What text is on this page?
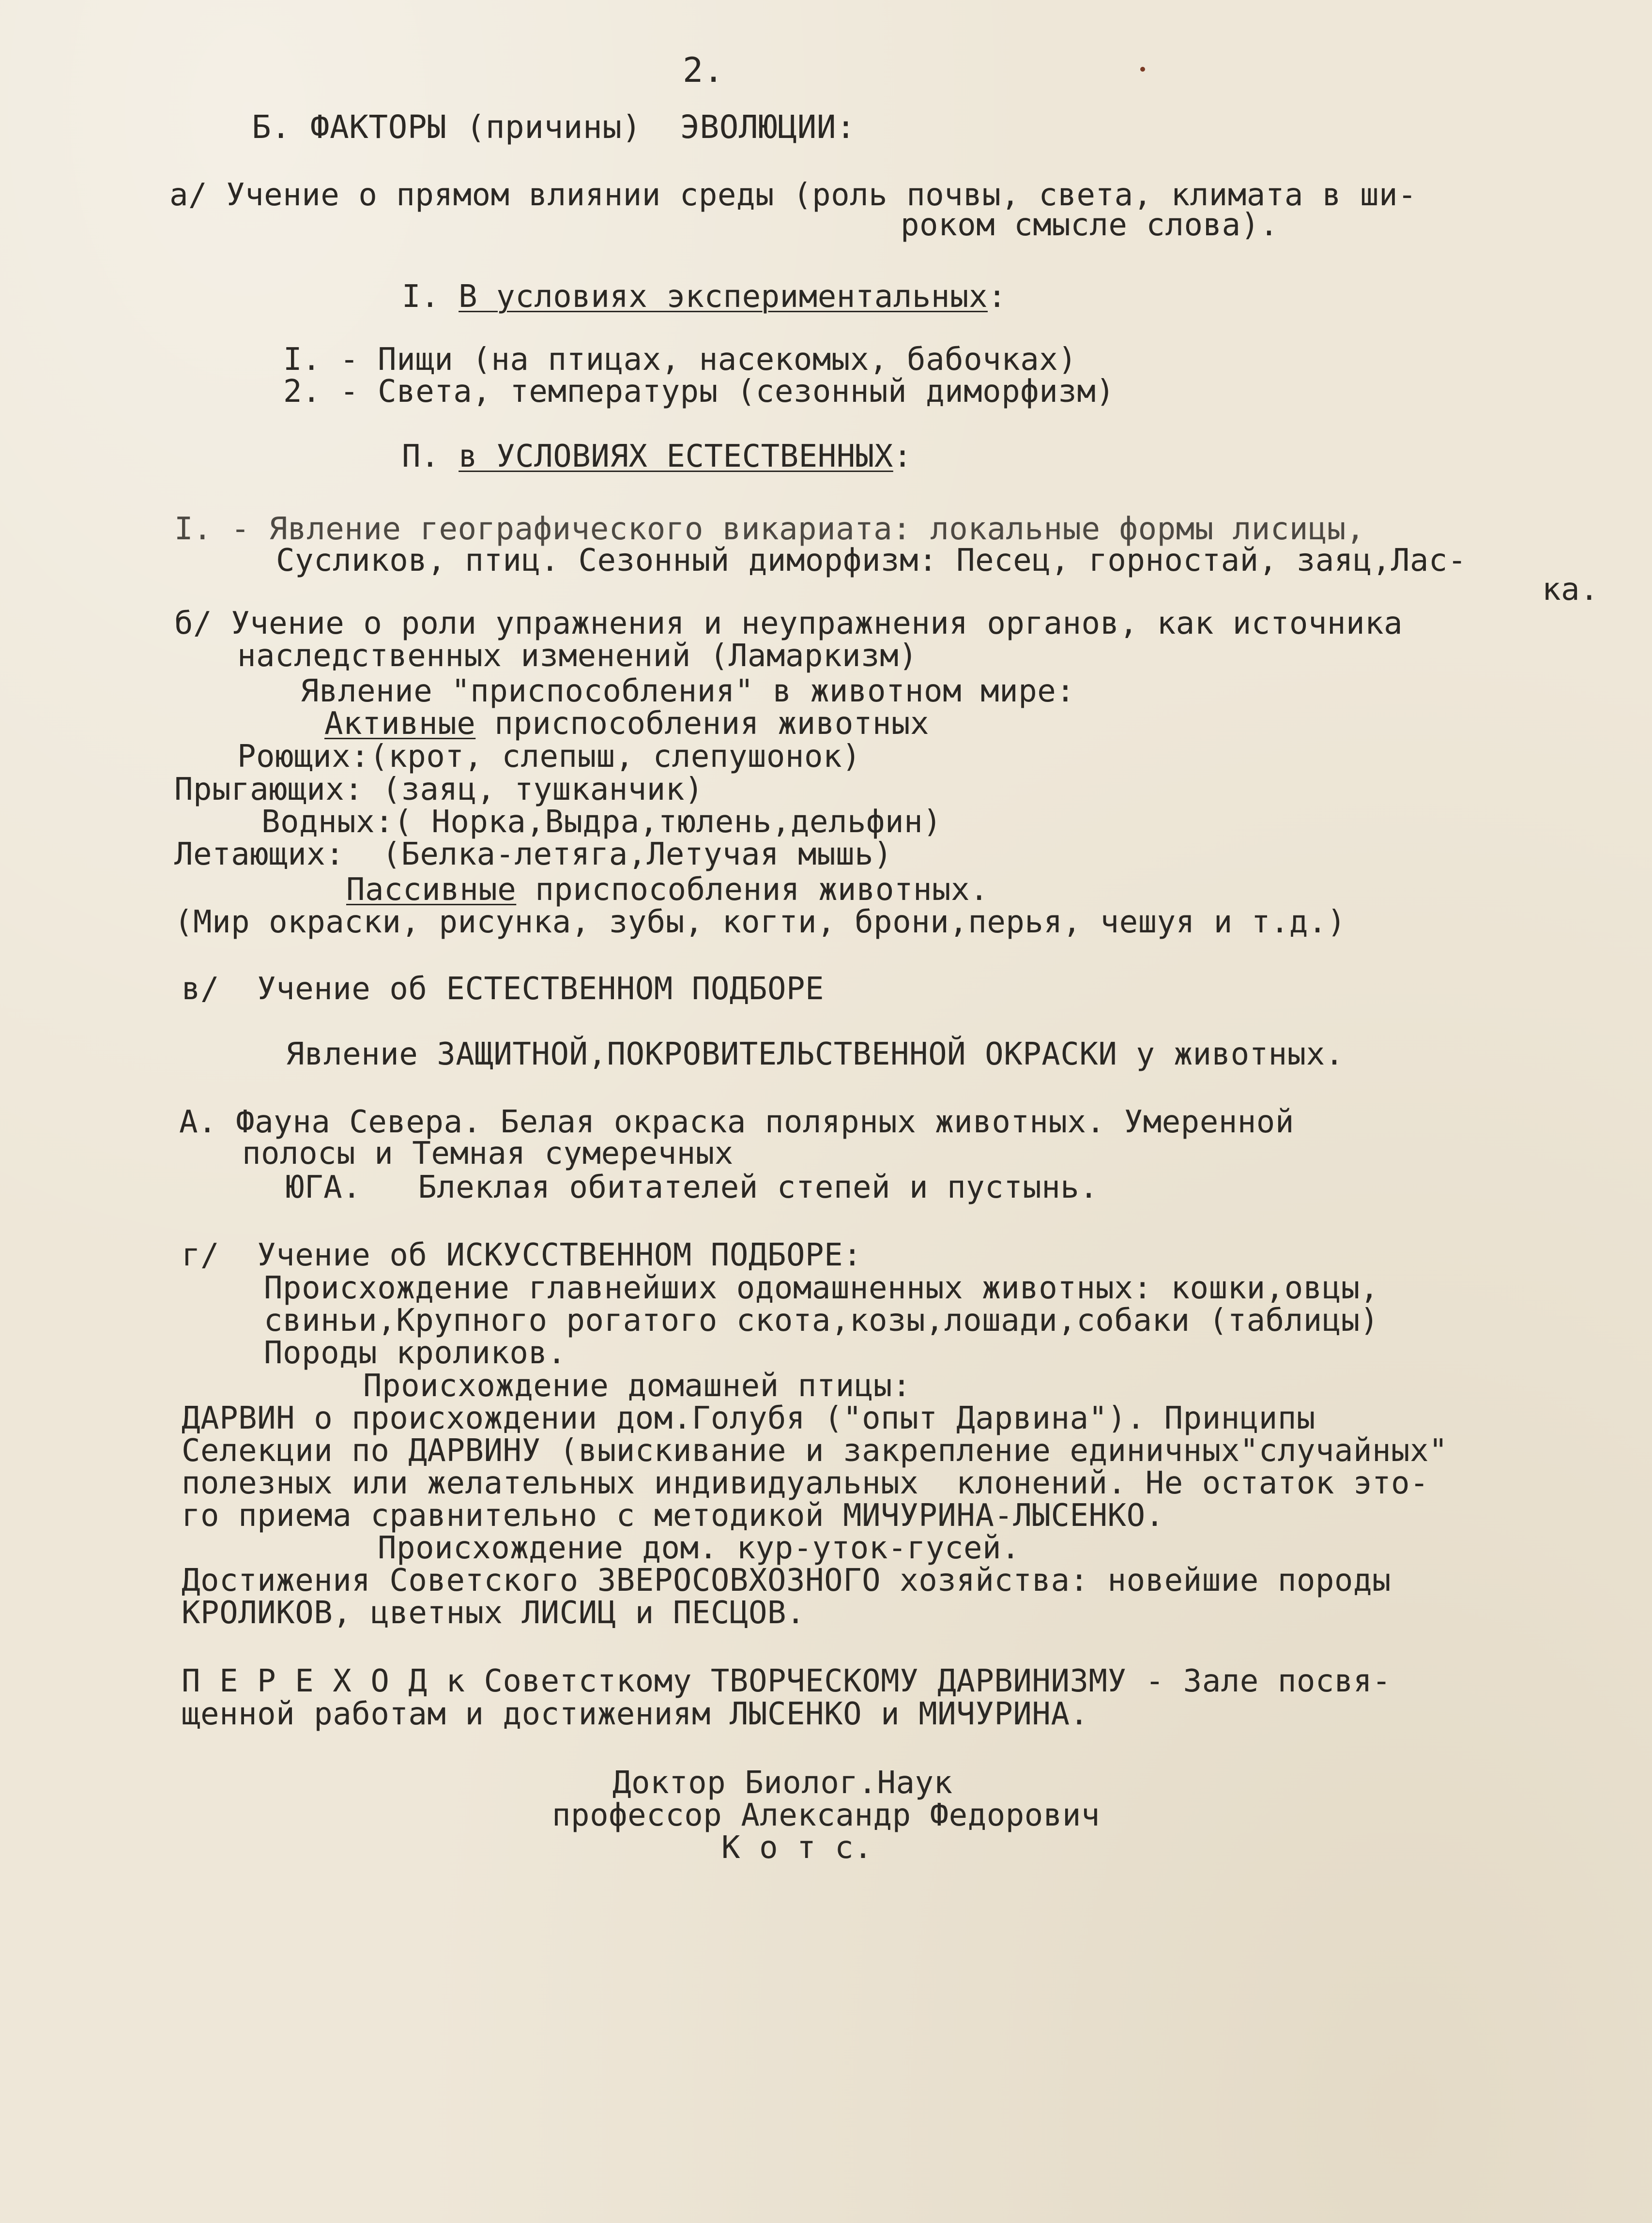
2.

Б. ФАКТОРЫ (причины)  ЭВОЛЮЦИИ:

а/ Учение о прямом влиянии среды (роль почвы, света, климата в ши-

роком смысле слова).

I. В условиях экспериментальных:

I. - Пищи (на птицах, насекомых, бабочках)

2. - Света, температуры (сезонный диморфизм)

П. в УСЛОВИЯХ ЕСТЕСТВЕННЫХ:

I. - Явление географического викариата: локальные формы лисицы,

Сусликов, птиц. Сезонный диморфизм: Песец, горностай, заяц,Лас-

ка.

б/ Учение о роли упражнения и неупражнения органов, как источника

наследственных изменений (Ламаркизм)

Явление "приспособления" в животном мире:

Активные приспособления животных

Роющих:(крот, слепыш, слепушонок)

Прыгающих: (заяц, тушканчик)

Водных:( Норка,Выдра,тюлень,дельфин)

Летающих:  (Белка-летяга,Летучая мышь)

Пассивные приспособления животных.

(Мир окраски, рисунка, зубы, когти, брони,перья, чешуя и т.д.)

в/  Учение об ЕСТЕСТВЕННОМ ПОДБОРЕ

Явление ЗАЩИТНОЙ,ПОКРОВИТЕЛЬСТВЕННОЙ ОКРАСКИ у животных.

А. Фауна Севера. Белая окраска полярных животных. Умеренной

полосы и Темная сумеречных

ЮГА.   Блеклая обитателей степей и пустынь.

г/  Учение об ИСКУССТВЕННОМ ПОДБОРЕ:

Происхождение главнейших одомашненных животных: кошки,овцы,

свиньи,Крупного рогатого скота,козы,лошади,собаки (таблицы)

Породы кроликов.

Происхождение домашней птицы:

ДАРВИН о происхождении дом.Голубя ("опыт Дарвина"). Принципы

Селекции по ДАРВИНУ (выискивание и закрепление единичных"случайных"

полезных или желательных индивидуальных  клонений. Не остаток это-

го приема сравнительно с методикой МИЧУРИНА-ЛЫСЕНКО.

Происхождение дом. кур-уток-гусей.

Достижения Советского ЗВЕРОСОВХОЗНОГО хозяйства: новейшие породы

КРОЛИКОВ, цветных ЛИСИЦ и ПЕСЦОВ.

П Е Р Е Х О Д к Советсткому ТВОРЧЕСКОМУ ДАРВИНИЗМУ - Зале посвя-

щенной работам и достижениям ЛЫСЕНКО и МИЧУРИНА.

Доктор Биолог.Наук

профессор Александр Федорович

К о т с.
